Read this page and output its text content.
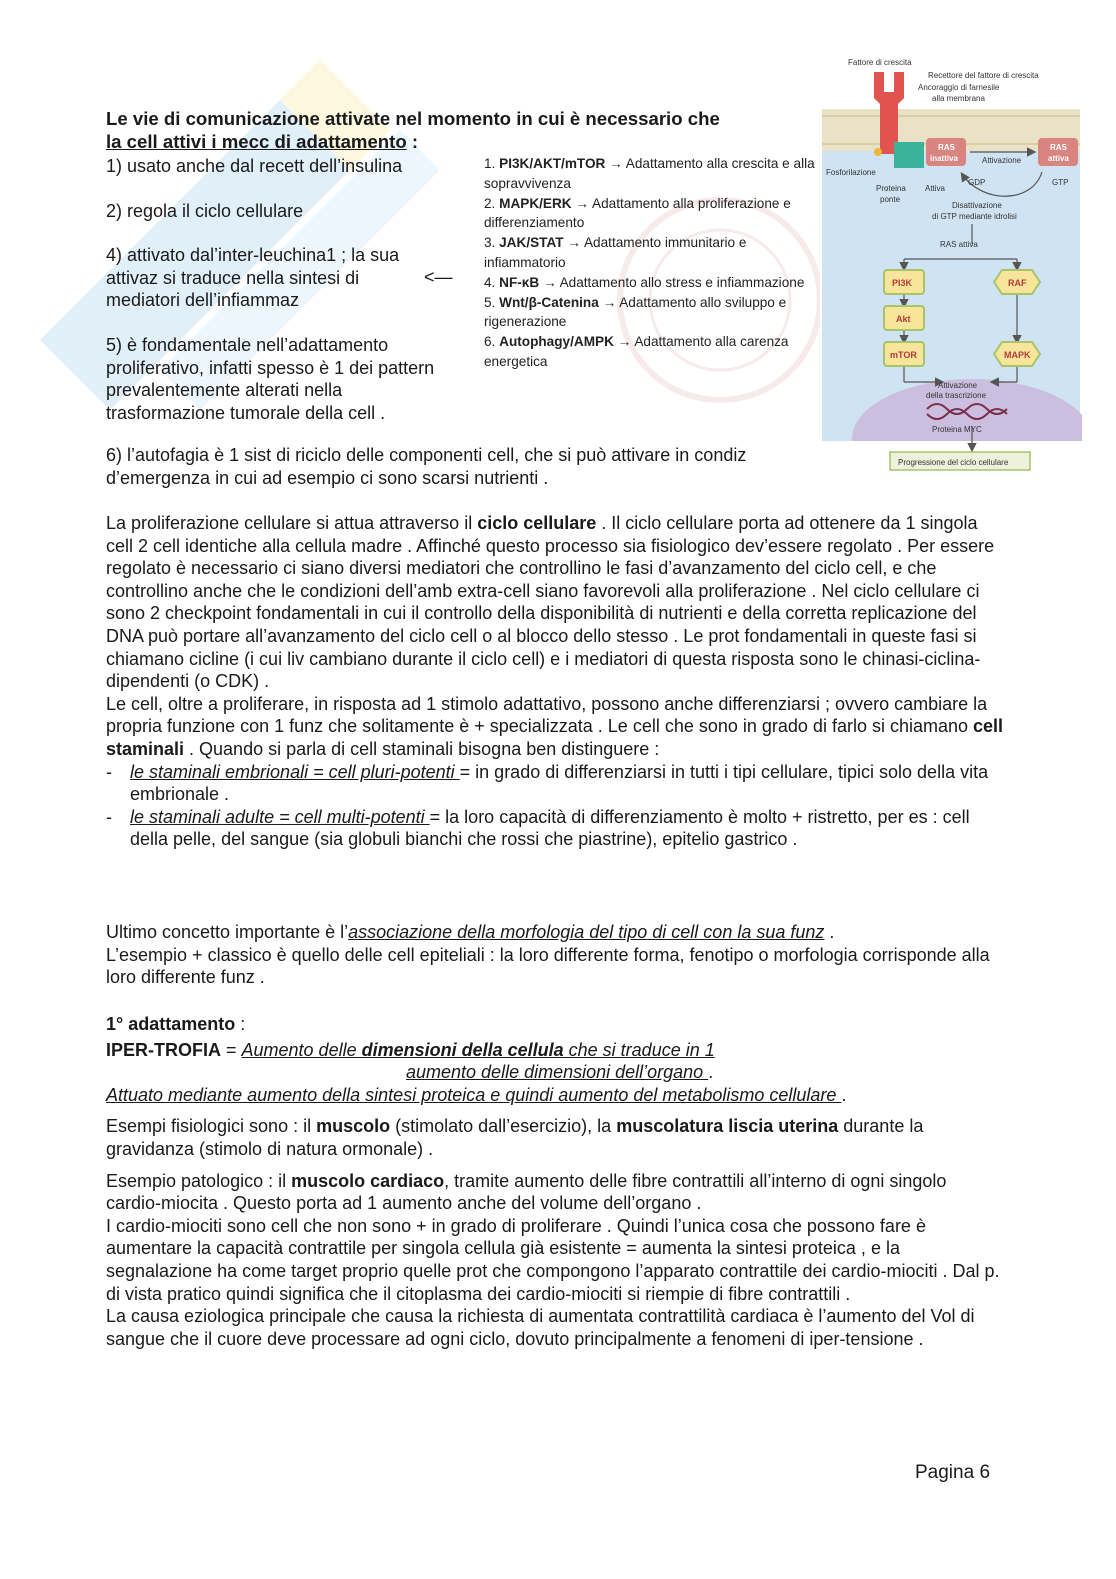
Le vie di comunicazione attivate nel momento in cui è necessario che
la cell attivi i mecc di adattamento :

1) usato anche dal recett dell’insulina

2) regola il ciclo cellulare

4) attivato dal’inter-leuchina1 ; la sua attivaz si traduce nella sintesi di mediatori dell’infiammaz

5) è fondamentale nell’adattamento proliferativo, infatti spesso è 1 dei pattern prevalentemente alterati nella trasformazione tumorale della cell .

<—
1. PI3K/AKT/mTOR → Adattamento alla crescita e alla sopravvivenza
2. MAPK/ERK → Adattamento alla proliferazione e differenziamento
3. JAK/STAT → Adattamento immunitario e infiammatorio
4. NF-κB → Adattamento allo stress e infiammazione
5. Wnt/β-Catenina → Adattamento allo sviluppo e rigenerazione
6. Autophagy/AMPK → Adattamento alla carenza energetica
Fattore di crescita
Recettore del fattore di crescita
Ancoraggio di farnesile
alla membrana
Fosforilazione
Proteina
ponte
Attiva
GDP	GTP
Attivazione
Disattivazione
di GTP mediante idrolisi
RAS attiva
Attivazione
della trascrizione
Proteina MYC
Progressione del ciclo cellulare
RAS
inattiva
RAS
attiva
PI3K	RAF
Akt
mTOR	MAPK

6) l’autofagia è 1 sist di riciclo delle componenti cell, che si può attivare in condiz d’emergenza in cui ad esempio ci sono scarsi nutrienti .

La proliferazione cellulare si attua attraverso il ciclo cellulare . Il ciclo cellulare porta ad ottenere da 1 singola cell 2 cell identiche alla cellula madre . Affinché questo processo sia fisiologico dev’essere regolato . Per essere regolato è necessario ci siano diversi mediatori che controllino le fasi d’avanzamento del ciclo cell, e che controllino anche che le condizioni dell’amb extra-cell siano favorevoli alla proliferazione . Nel ciclo cellulare ci sono 2 checkpoint fondamentali in cui il controllo della disponibilità di nutrienti e della corretta replicazione del DNA può portare all’avanzamento del ciclo cell o al blocco dello stesso . Le prot fondamentali in queste fasi si chiamano cicline (i cui liv cambiano durante il ciclo cell) e i mediatori di questa risposta sono le chinasi-ciclina-dipendenti (o CDK) .

Le cell, oltre a proliferare, in risposta ad 1 stimolo adattativo, possono anche differenziarsi ; ovvero cambiare la propria funzione con 1 funz che solitamente è + specializzata . Le cell che sono in grado di farlo si chiamano cell staminali . Quando si parla di cell staminali bisogna ben distinguere :

- le staminali embrionali = cell pluri-potenti = in grado di differenziarsi in tutti i tipi cellulare, tipici solo della vita embrionale .

- le staminali adulte = cell multi-potenti = la loro capacità di differenziamento è molto + ristretto, per es : cell della pelle, del sangue (sia globuli bianchi che rossi che piastrine), epitelio gastrico .

Ultimo concetto importante è l’associazione della morfologia del tipo di cell con la sua funz .

L’esempio + classico è quello delle cell epiteliali : la loro differente forma, fenotipo o morfologia corrisponde alla loro differente funz .

1° adattamento :

IPER-TROFIA = Aumento delle dimensioni della cellula che si traduce in 1

aumento delle dimensioni dell’organo .

Attuato mediante aumento della sintesi proteica e quindi aumento del metabolismo cellulare .

Esempi fisiologici sono : il muscolo (stimolato dall’esercizio), la muscolatura liscia uterina durante la gravidanza (stimolo di natura ormonale) .

Esempio patologico : il muscolo cardiaco, tramite aumento delle fibre contrattili all’interno di ogni singolo cardio-miocita . Questo porta ad 1 aumento anche del volume dell’organo .

I cardio-miociti sono cell che non sono + in grado di proliferare . Quindi l’unica cosa che possono fare è aumentare la capacità contrattile per singola cellula già esistente = aumenta la sintesi proteica , e la segnalazione ha come target proprio quelle prot che compongono l’apparato contrattile dei cardio-miociti . Dal p. di vista pratico quindi significa che il citoplasma dei cardio-miociti si riempie di fibre contrattili .

La causa eziologica principale che causa la richiesta di aumentata contrattilità cardiaca è l’aumento del Vol di sangue che il cuore deve processare ad ogni ciclo, dovuto principalmente a fenomeni di iper-tensione .

Pagina 6
